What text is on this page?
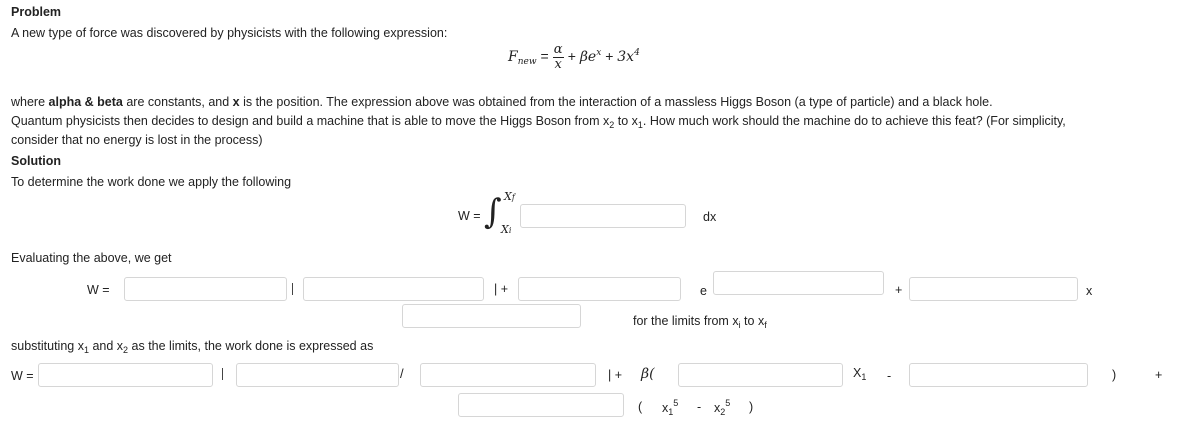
Problem
A new type of force was discovered by physicists with the following expression:
$F_{new} = \frac{\alpha}{x} + \beta e^x + 3x^4$
where alpha & beta are constants, and x is the position. The expression above was obtained from the interaction of a massless Higgs Boson (a type of particle) and a black hole.
Quantum physicists then decides to design and build a machine that is able to move the Higgs Boson from $x_2$ to $x_1$. How much work should the machine do to achieve this feat? (For simplicity,
consider that no energy is lost in the process)
Solution
To determine the work done we apply the following
W = ∫ Xf
Xi
dx
Evaluating the above, we get
W =	| +	e	+	x
for the limits from $x_i$ to $x_f$
substituting $x_1$ and $x_2$ as the limits, the work done is expressed as
W =	/	| + β(	$X_1$ -	)	+
( $x_1^5 - x_2^5$ )
